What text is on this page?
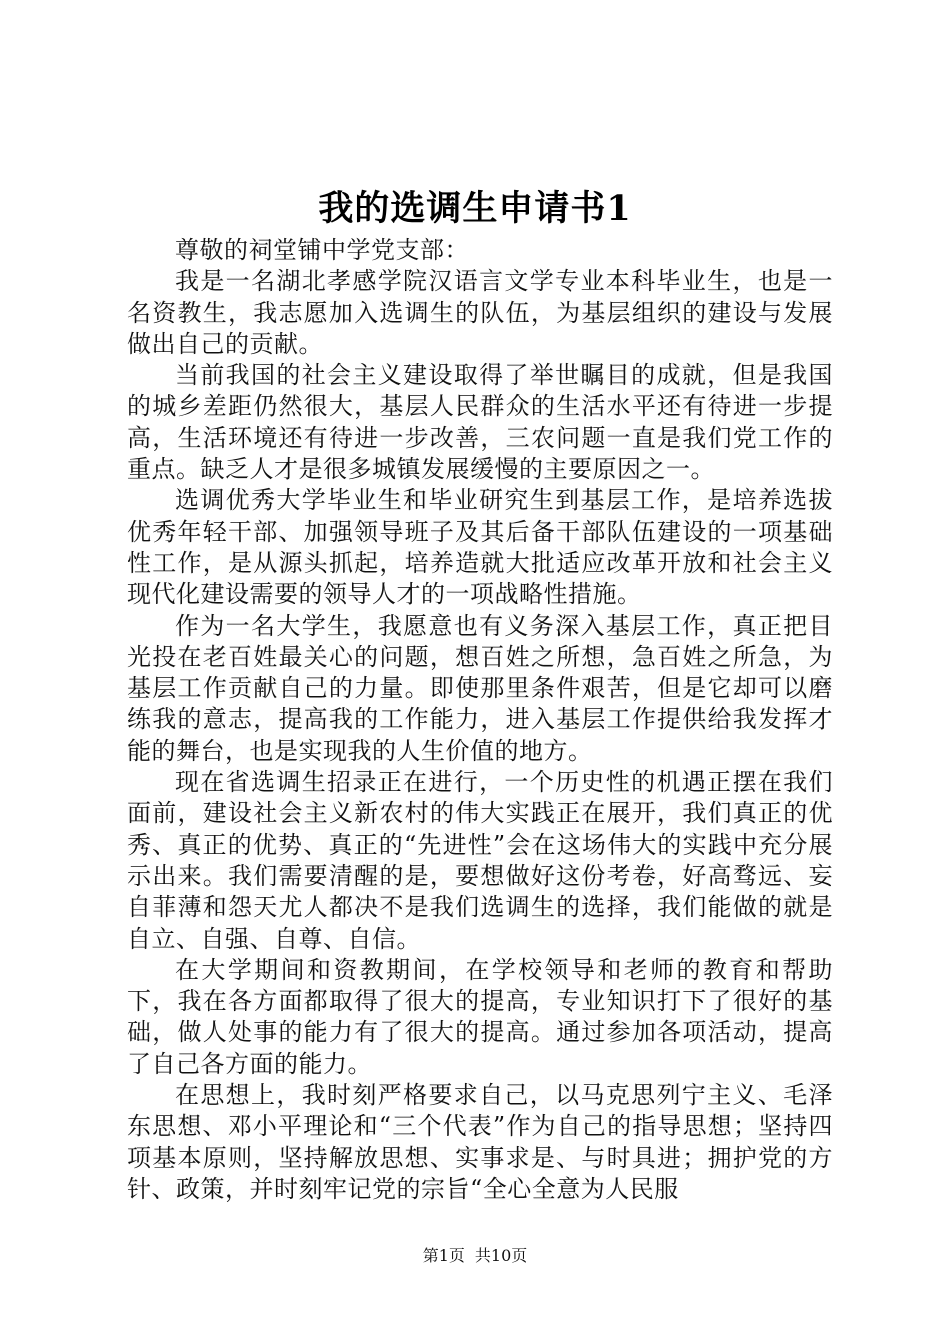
我的选调生申请书1

尊敬的祠堂铺中学党支部：

我是一名湖北孝感学院汉语言文学专业本科毕业生，也是一名资教生，我志愿加入选调生的队伍，为基层组织的建设与发展做出自己的贡献。

当前我国的社会主义建设取得了举世瞩目的成就，但是我国的城乡差距仍然很大，基层人民群众的生活水平还有待进一步提高，生活环境还有待进一步改善，三农问题一直是我们党工作的重点。缺乏人才是很多城镇发展缓慢的主要原因之一。

选调优秀大学毕业生和毕业研究生到基层工作，是培养选拔优秀年轻干部、加强领导班子及其后备干部队伍建设的一项基础性工作，是从源头抓起，培养造就大批适应改革开放和社会主义现代化建设需要的领导人才的一项战略性措施。

作为一名大学生，我愿意也有义务深入基层工作，真正把目光投在老百姓最关心的问题，想百姓之所想，急百姓之所急，为基层工作贡献自己的力量。即使那里条件艰苦，但是它却可以磨练我的意志，提高我的工作能力，进入基层工作提供给我发挥才能的舞台，也是实现我的人生价值的地方。

现在省选调生招录正在进行，一个历史性的机遇正摆在我们面前，建设社会主义新农村的伟大实践正在展开，我们真正的优秀、真正的优势、真正的“先进性”会在这场伟大的实践中充分展示出来。我们需要清醒的是，要想做好这份考卷，好高骛远、妄自菲薄和怨天尤人都决不是我们选调生的选择，我们能做的就是自立、自强、自尊、自信。

在大学期间和资教期间，在学校领导和老师的教育和帮助下，我在各方面都取得了很大的提高，专业知识打下了很好的基础，做人处事的能力有了很大的提高。通过参加各项活动，提高了自己各方面的能力。

在思想上，我时刻严格要求自己，以马克思列宁主义、毛泽东思想、邓小平理论和“三个代表”作为自己的指导思想；坚持四项基本原则，坚持解放思想、实事求是、与时具进；拥护党的方针、政策，并时刻牢记党的宗旨“全心全意为人民服

第1页 共10页
